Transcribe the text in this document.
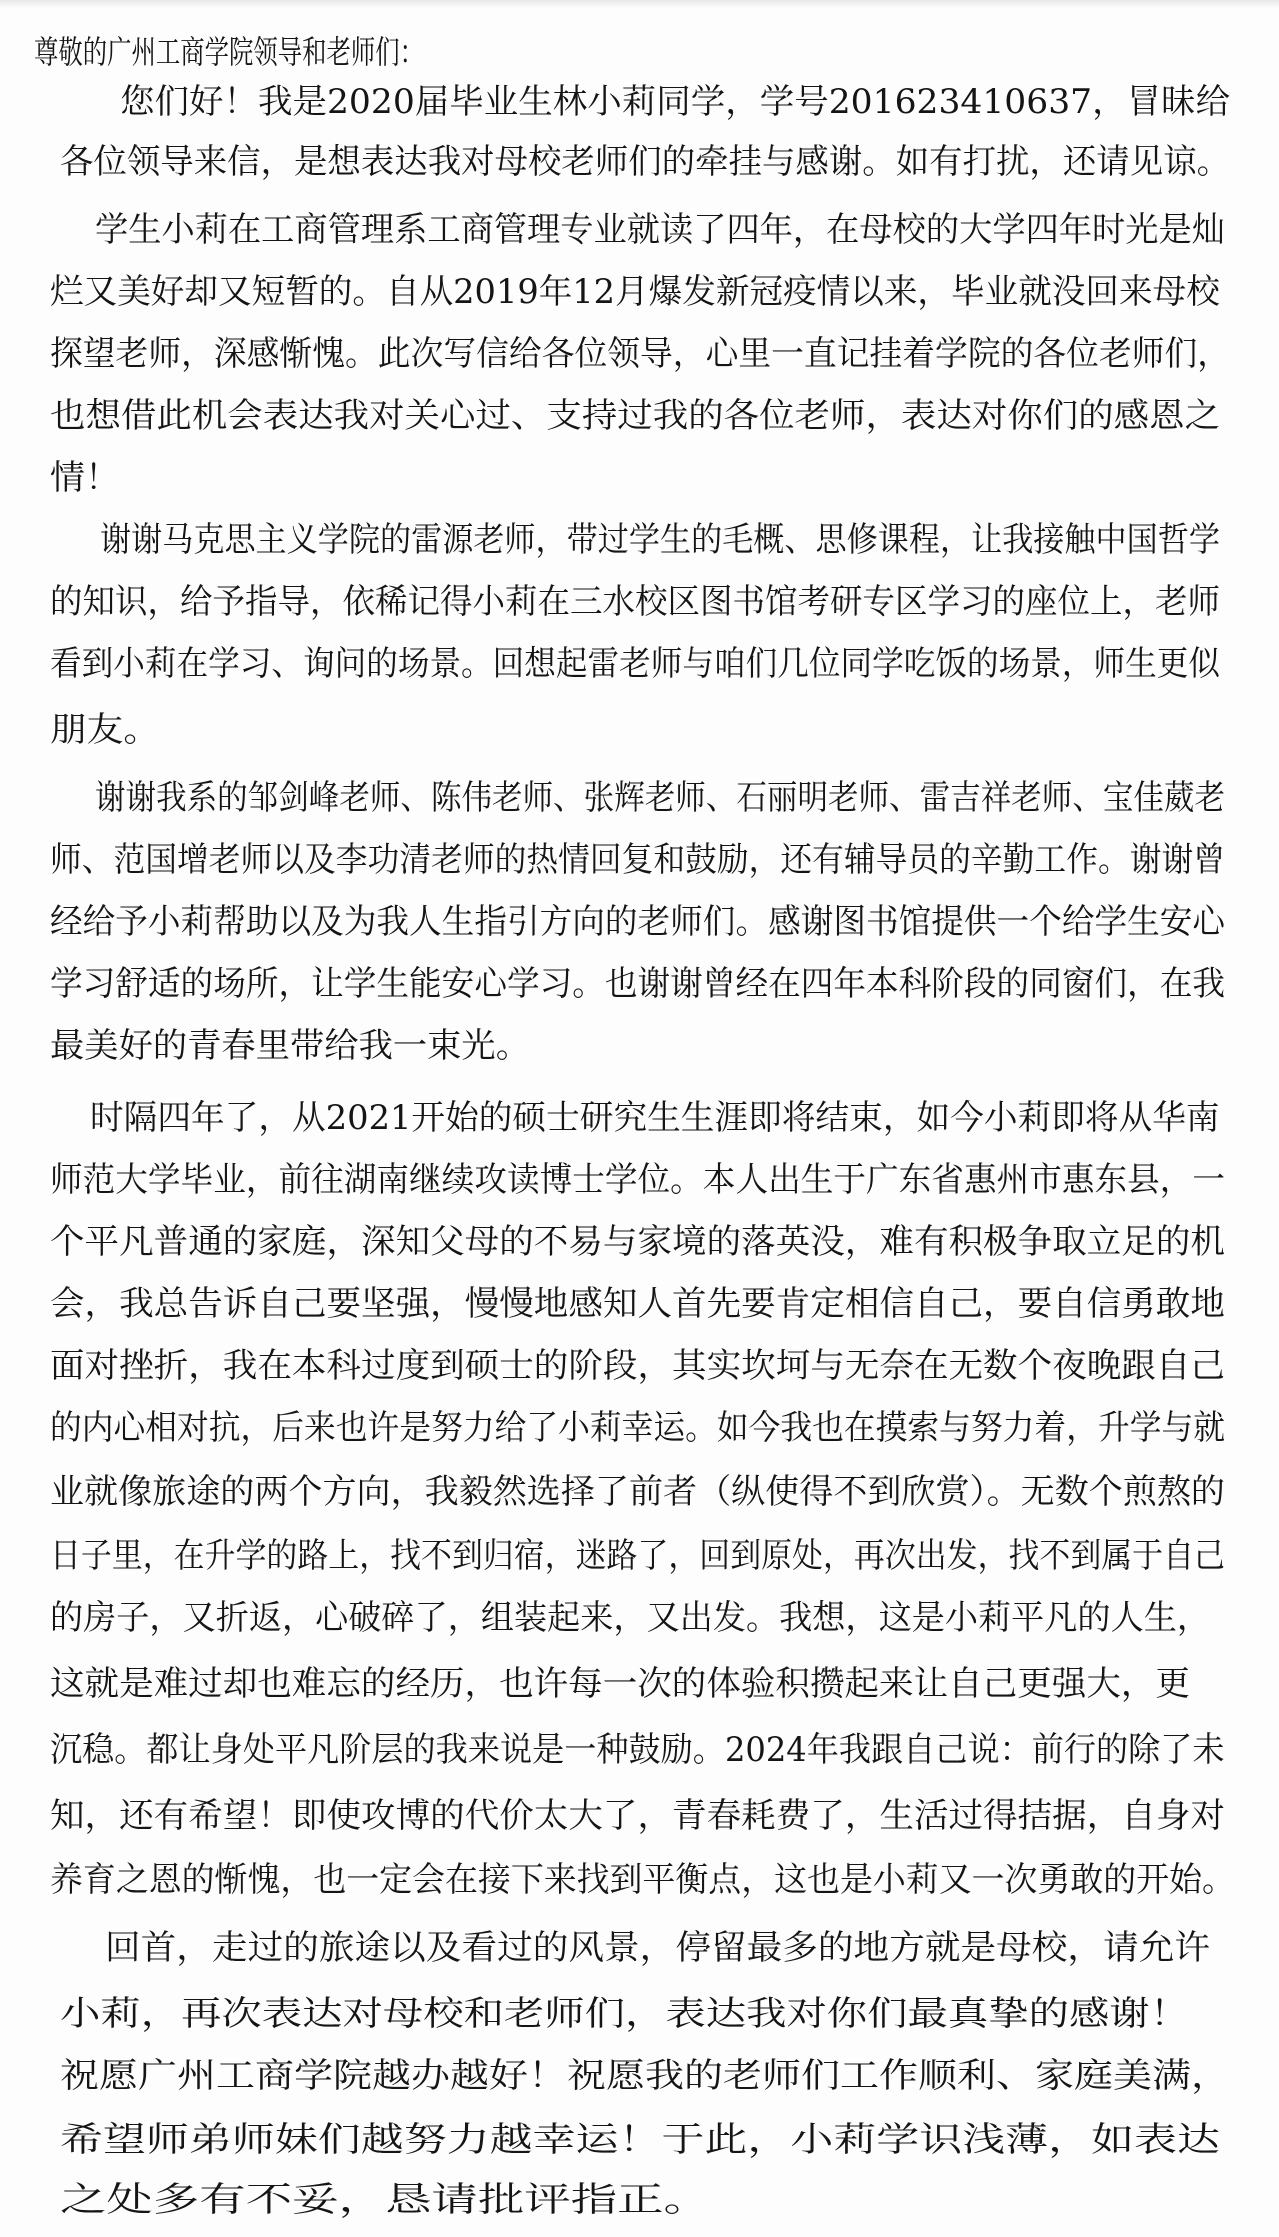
尊敬的广州工商学院领导和老师们：
您们好！我是2020届毕业生林小莉同学，学号201623410637，冒昧给
各位领导来信，是想表达我对母校老师们的牵挂与感谢。如有打扰，还请见谅。
学生小莉在工商管理系工商管理专业就读了四年，在母校的大学四年时光是灿
烂又美好却又短暂的。自从2019年12月爆发新冠疫情以来，毕业就没回来母校
探望老师，深感惭愧。此次写信给各位领导，心里一直记挂着学院的各位老师们，
也想借此机会表达我对关心过、支持过我的各位老师，表达对你们的感恩之
情！
谢谢马克思主义学院的雷源老师，带过学生的毛概、思修课程，让我接触中国哲学
的知识，给予指导，依稀记得小莉在三水校区图书馆考研专区学习的座位上，老师
看到小莉在学习、询问的场景。回想起雷老师与咱们几位同学吃饭的场景，师生更似
朋友。
谢谢我系的邹剑峰老师、陈伟老师、张辉老师、石丽明老师、雷吉祥老师、宝佳葳老
师、范国增老师以及李功清老师的热情回复和鼓励，还有辅导员的辛勤工作。谢谢曾
经给予小莉帮助以及为我人生指引方向的老师们。感谢图书馆提供一个给学生安心
学习舒适的场所，让学生能安心学习。也谢谢曾经在四年本科阶段的同窗们，在我
最美好的青春里带给我一束光。
时隔四年了，从2021开始的硕士研究生生涯即将结束，如今小莉即将从华南
师范大学毕业，前往湖南继续攻读博士学位。本人出生于广东省惠州市惠东县，一
个平凡普通的家庭，深知父母的不易与家境的落英没，难有积极争取立足的机
会，我总告诉自己要坚强，慢慢地感知人首先要肯定相信自己，要自信勇敢地
面对挫折，我在本科过度到硕士的阶段，其实坎坷与无奈在无数个夜晚跟自己
的内心相对抗，后来也许是努力给了小莉幸运。如今我也在摸索与努力着，升学与就
业就像旅途的两个方向，我毅然选择了前者（纵使得不到欣赏）。无数个煎熬的
日子里，在升学的路上，找不到归宿，迷路了，回到原处，再次出发，找不到属于自己
的房子，又折返，心破碎了，组装起来，又出发。我想，这是小莉平凡的人生，
这就是难过却也难忘的经历，也许每一次的体验积攒起来让自己更强大，更
沉稳。都让身处平凡阶层的我来说是一种鼓励。2024年我跟自己说：前行的除了未
知，还有希望！即使攻博的代价太大了，青春耗费了，生活过得拮据，自身对
养育之恩的惭愧，也一定会在接下来找到平衡点，这也是小莉又一次勇敢的开始。
回首，走过的旅途以及看过的风景，停留最多的地方就是母校，请允许
小莉，再次表达对母校和老师们，表达我对你们最真挚的感谢！
祝愿广州工商学院越办越好！祝愿我的老师们工作顺利、家庭美满，
希望师弟师妹们越努力越幸运！于此，小莉学识浅薄，如表达
之处多有不妥，恳请批评指正。
